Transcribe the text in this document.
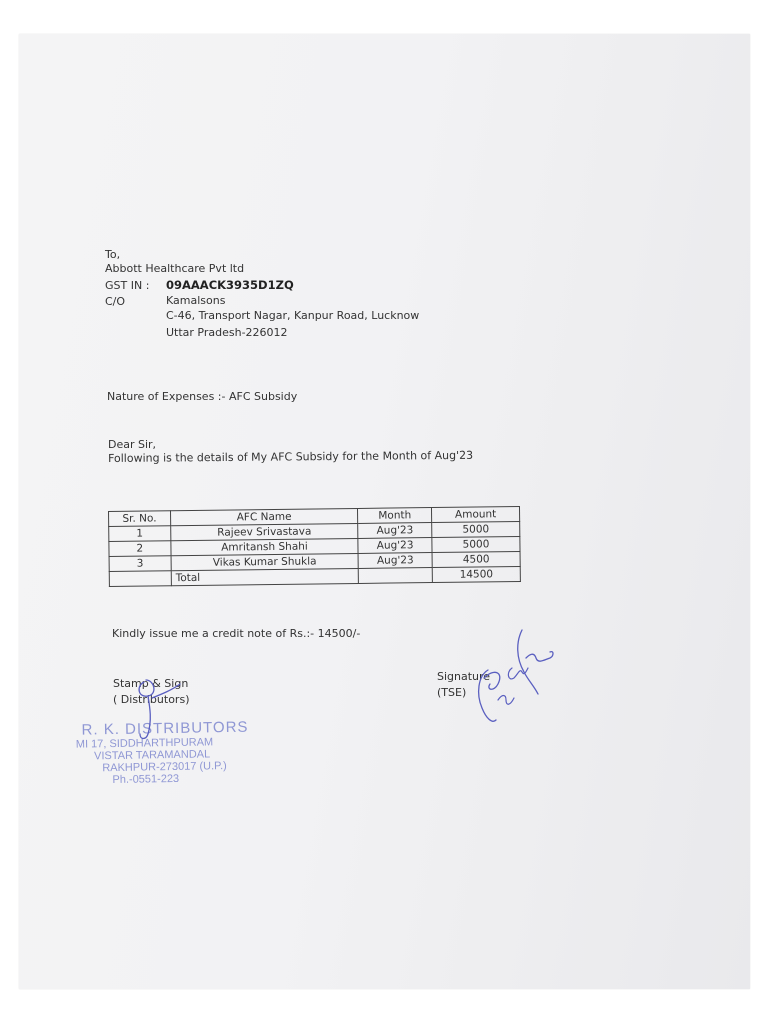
To,
Abbott Healthcare Pvt ltd
GST IN : 09AAACK3935D1ZQ
C/O	Kamalsons
C-46, Transport Nagar, Kanpur Road, Lucknow
Uttar Pradesh-226012
Nature of Expenses :- AFC Subsidy
Dear Sir,
Following is the details of My AFC Subsidy for the Month of Aug'23
Sr. No.	AFC Name	Month	Amount
1	Rajeev Srivastava	Aug'23	5000
2	Amritansh Shahi	Aug'23	5000
3	Vikas Kumar Shukla	Aug'23	4500
	Total		14500
Kindly issue me a credit note of Rs.:- 14500/-
Stamp & Sign
( Distributors)
Signature
(TSE)
R. K. DISTRIBUTORS
MI 17, SIDDHARTHPURAM
VISTAR TARAMANDAL
RAKHPUR-273017 (U.P.)
Ph.-0551-223
